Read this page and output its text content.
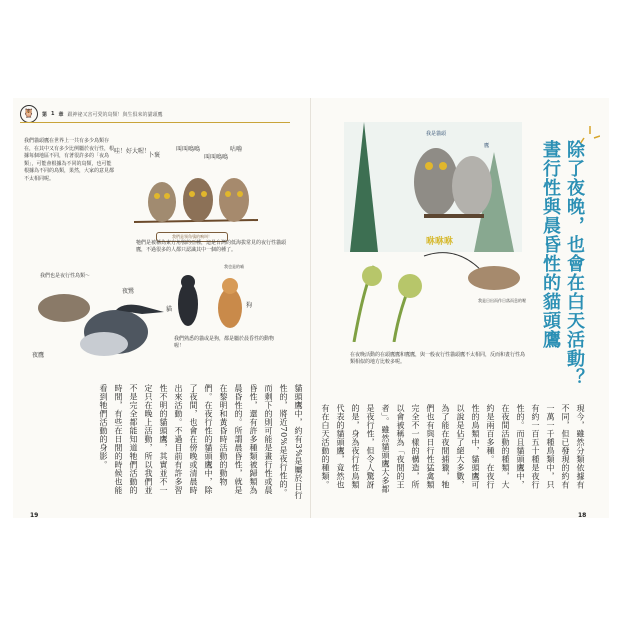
🦉	第 1 章 跟神祕又害可愛的鳥類！與生俱來的貓頭鷹
我們貓頭鷹在世界上一共有多少鳥類存在，在其中又有多少比例屬於夜行性，根據每個地區不同，有著很許多的「夜鳥類」，可能會根據為不同的鳥類，也可能根據為不同的鳥類，果然，大家的意見都不太相同呢。
哇！好大喔！
卜褒
叫叫鳴鳴
叫叫鳴鳴
咕嚕
我們是領角鴞的鳴叫！
牠們是被稱為東方角鴞的亞種，這是台灣的低海拔常見的夜行性貓頭鷹，不過很多的人都只認識其中一個的種了。
我們也是夜行性鳥類～
夜鷺
夜鷹
我也是的喵
貓
狗
我們熟悉的貓或是狗，都是屬於晨昏性的動物喔！
貓頭鷹中，約有3%是屬於日行性的，將近70%是夜行性的。而剩下的則可能是畫行性或晨昏性，還有許多種類被歸類為晨昏性的。所謂晨昏性，就是在黎明和黃昏時活動的動物們。在夜行性的貓頭鷹中，除了夜間，也會在傍晚或清晨時出來活動。不過目前有許多習性不明的貓頭鷹，其實並不一定只在晚上活動，所以我們並不是完全都能知道牠們活動的時間，有些在日間的時候也能看到牠們活動的身影。
19
除了夜晚，也會在白天活動？
晝行性與晨昏性的貓頭鷹
我是貓頭
鷹
咻咻咻
我是日出而作日落而息的喔
在夜晚活動的在頭鷹鷹和鷹鷹，與一般夜行性貓頭鷹不太相同，反而和晝行性鳥類相似的地方比較多呢。
現今，雖然分類依據有不同，但已發現的約有一萬一千種鳥類中，只有約一百五十種是夜行性的。而且貓頭鷹中，在夜間活動的種類，大約是兩百多種。在夜行性的鳥類中，貓頭鷹可以說是佔了絕大多數，為了能在夜間捕獵，牠們也有與日行性猛禽類完全不一樣的構造，所以會被稱為「夜間的王者」。雖然貓頭鷹大多都是夜行性，但令人驚訝的是，身為夜行性鳥類代表的貓頭鷹，竟然也有在白天活動的種類。
18
